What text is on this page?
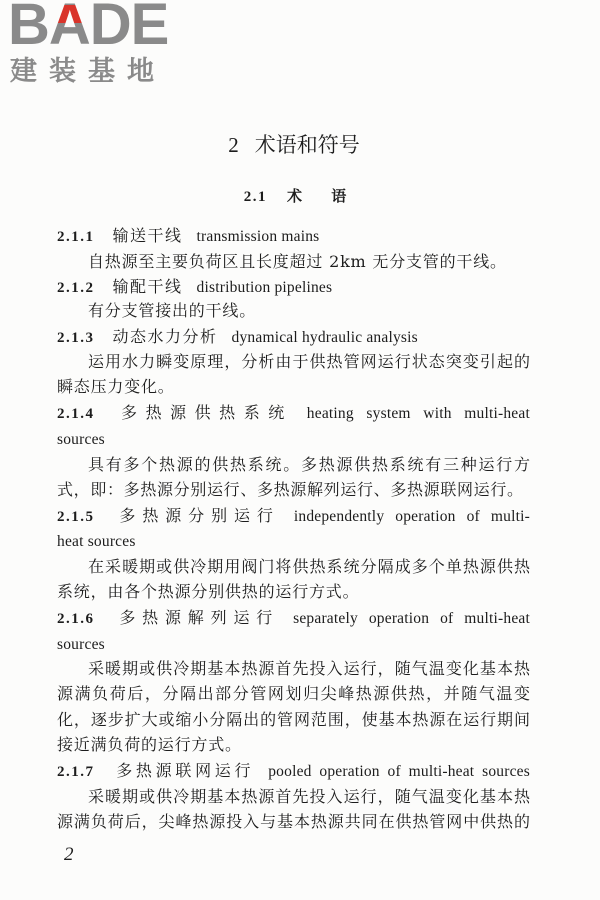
BADE
建装基地
2 术语和符号
2.1 术 语
2.1.1 输送干线 transmission mains
自热源至主要负荷区且长度超过 2km 无分支管的干线。
2.1.2 输配干线 distribution pipelines
有分支管接出的干线。
2.1.3 动态水力分析 dynamical hydraulic analysis
运用水力瞬变原理，分析由于供热管网运行状态突变引起的
瞬态压力变化。
2.1.4 多热源供热系统 heating system with multi-heat
sources
具有多个热源的供热系统。多热源供热系统有三种运行方
式，即：多热源分别运行、多热源解列运行、多热源联网运行。
2.1.5 多热源分别运行 independently operation of multi-
heat sources
在采暖期或供冷期用阀门将供热系统分隔成多个单热源供热
系统，由各个热源分别供热的运行方式。
2.1.6 多热源解列运行 separately operation of multi-heat
sources
采暖期或供冷期基本热源首先投入运行，随气温变化基本热
源满负荷后，分隔出部分管网划归尖峰热源供热，并随气温变
化，逐步扩大或缩小分隔出的管网范围，使基本热源在运行期间
接近满负荷的运行方式。
2.1.7 多热源联网运行 pooled operation of multi-heat sources
采暖期或供冷期基本热源首先投入运行，随气温变化基本热
源满负荷后，尖峰热源投入与基本热源共同在供热管网中供热的
2
